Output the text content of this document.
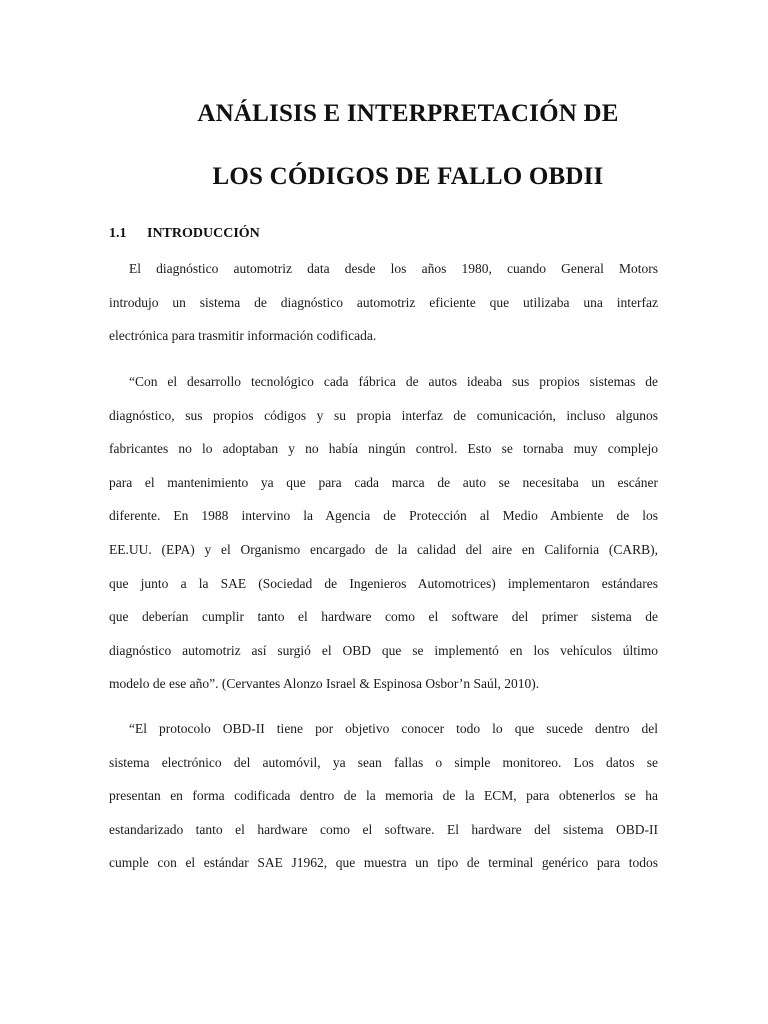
ANÁLISIS E INTERPRETACIÓN DE
LOS CÓDIGOS DE FALLO OBDII
1.1 INTRODUCCIÓN
El diagnóstico automotriz data desde los años 1980, cuando General Motors
introdujo un sistema de diagnóstico automotriz eficiente que utilizaba una interfaz
electrónica para trasmitir información codificada.
“Con el desarrollo tecnológico cada fábrica de autos ideaba sus propios sistemas de
diagnóstico, sus propios códigos y su propia interfaz de comunicación, incluso algunos
fabricantes no lo adoptaban y no había ningún control. Esto se tornaba muy complejo
para el mantenimiento ya que para cada marca de auto se necesitaba un escáner
diferente. En 1988 intervino la Agencia de Protección al Medio Ambiente de los
EE.UU. (EPA) y el Organismo encargado de la calidad del aire en California (CARB),
que junto a la SAE (Sociedad de Ingenieros Automotrices) implementaron estándares
que deberían cumplir tanto el hardware como el software del primer sistema de
diagnóstico automotriz así surgió el OBD que se implementó en los vehículos último
modelo de ese año”. (Cervantes Alonzo Israel & Espinosa Osbor’n Saúl, 2010).
“El protocolo OBD-II tiene por objetivo conocer todo lo que sucede dentro del
sistema electrónico del automóvil, ya sean fallas o simple monitoreo. Los datos se
presentan en forma codificada dentro de la memoria de la ECM, para obtenerlos se ha
estandarizado tanto el hardware como el software. El hardware del sistema OBD-II
cumple con el estándar SAE J1962, que muestra un tipo de terminal genérico para todos
